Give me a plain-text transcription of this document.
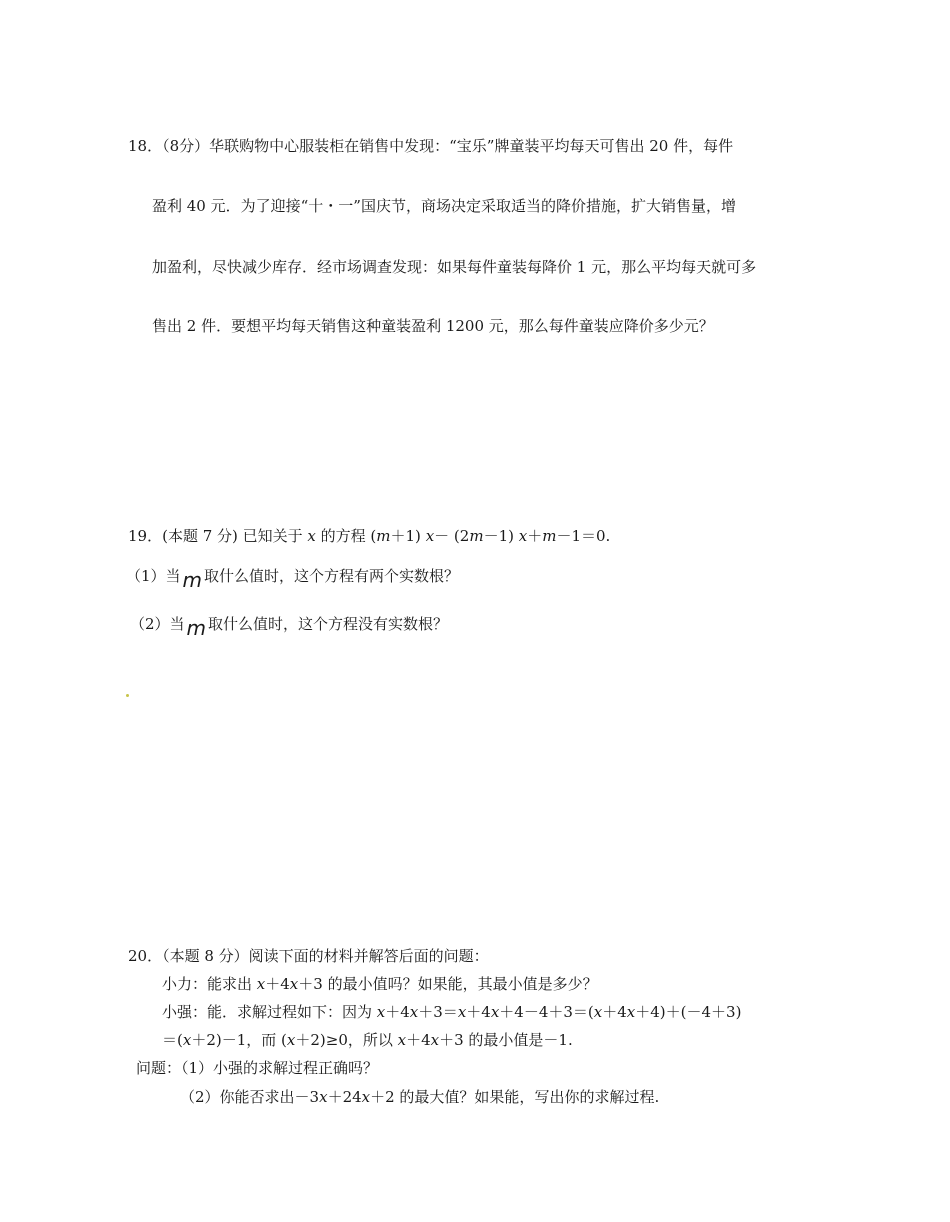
18．（8分）华联购物中心服装柜在销售中发现：“宝乐”牌童装平均每天可售出 20 件，每件
盈利 40 元．为了迎接“十・一”国庆节，商场决定采取适当的降价措施，扩大销售量，增
加盈利，尽快减少库存．经市场调查发现：如果每件童装每降价 1 元，那么平均每天就可多
售出 2 件．要想平均每天销售这种童装盈利 1200 元，那么每件童装应降价多少元？
19．(本题 7 分) 已知关于 x 的方程 (m＋1) x－ (2m－1) x＋m－1＝0.
（1）当 m 取什么值时，这个方程有两个实数根？
（2）当 m 取什么值时，这个方程没有实数根？
20．（本题 8 分）阅读下面的材料并解答后面的问题：
小力：能求出 x＋4x＋3 的最小值吗？如果能，其最小值是多少？
小强：能．求解过程如下：因为 x＋4x＋3＝x＋4x＋4－4＋3＝(x＋4x＋4)＋(－4＋3)
＝(x＋2)－1，而 (x＋2)≥0，所以 x＋4x＋3 的最小值是－1.
问题：（1）小强的求解过程正确吗？
（2）你能否求出－3x＋24x＋2 的最大值？如果能，写出你的求解过程.
